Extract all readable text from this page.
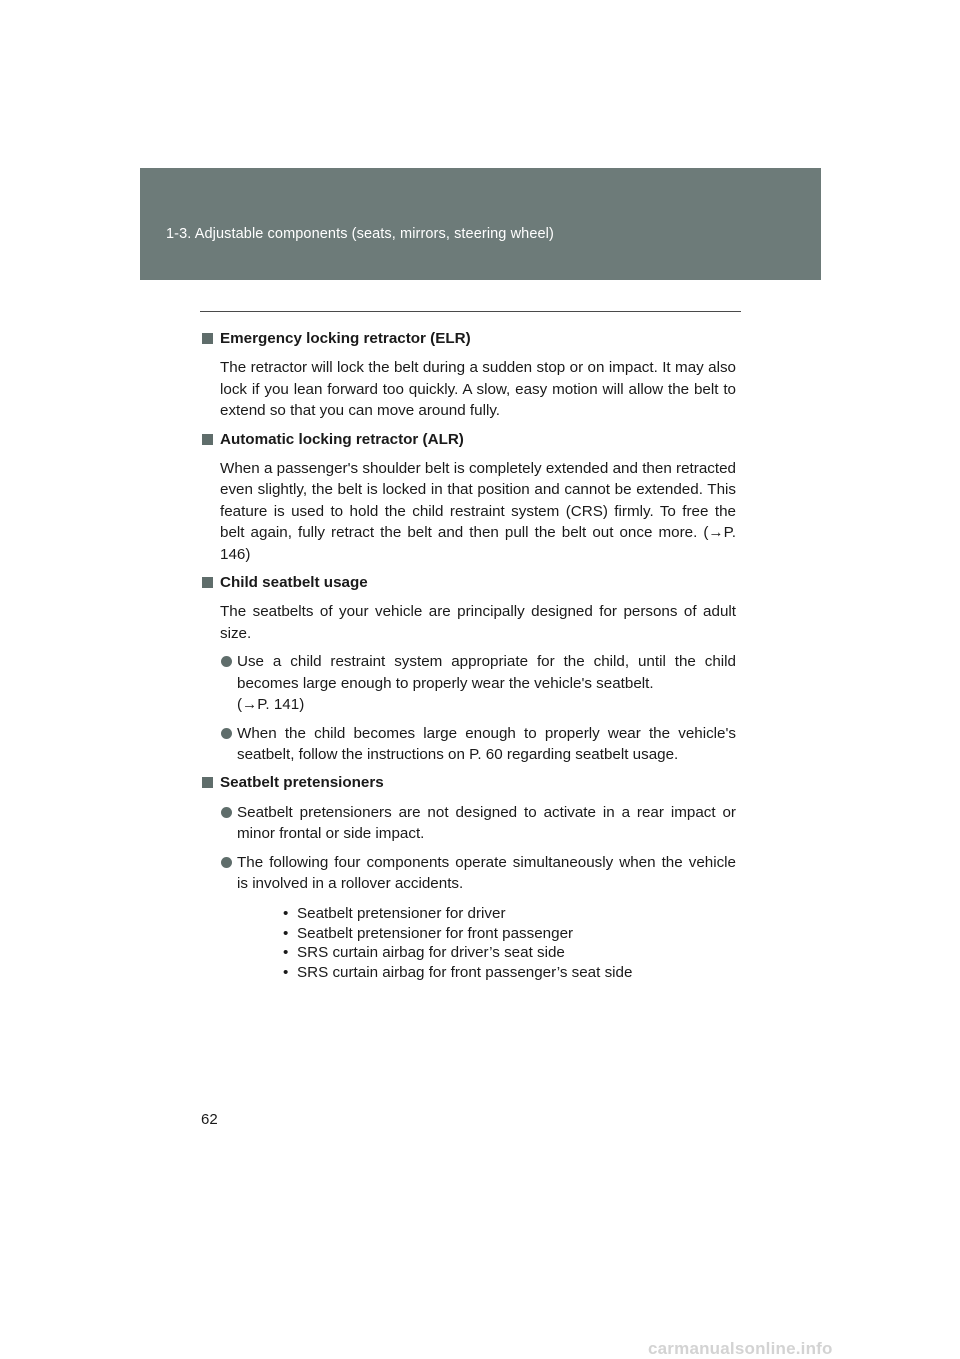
1-3. Adjustable components (seats, mirrors, steering wheel)
Emergency locking retractor (ELR)
The retractor will lock the belt during a sudden stop or on impact. It may also lock if you lean forward too quickly. A slow, easy motion will allow the belt to extend so that you can move around fully.
Automatic locking retractor (ALR)
When a passenger's shoulder belt is completely extended and then retracted even slightly, the belt is locked in that position and cannot be extended. This feature is used to hold the child restraint system (CRS) firmly. To free the belt again, fully retract the belt and then pull the belt out once more. (→P. 146)
Child seatbelt usage
The seatbelts of your vehicle are principally designed for persons of adult size.
Use a child restraint system appropriate for the child, until the child becomes large enough to properly wear the vehicle's seatbelt.
(→P. 141)
When the child becomes large enough to properly wear the vehicle's seatbelt, follow the instructions on P. 60 regarding seatbelt usage.
Seatbelt pretensioners
Seatbelt pretensioners are not designed to activate in a rear impact or minor frontal or side impact.
The following four components operate simultaneously when the vehicle is involved in a rollover accidents.
• Seatbelt pretensioner for driver
• Seatbelt pretensioner for front passenger
• SRS curtain airbag for driver’s seat side
• SRS curtain airbag for front passenger’s seat side
62
carmanualsonline.info
